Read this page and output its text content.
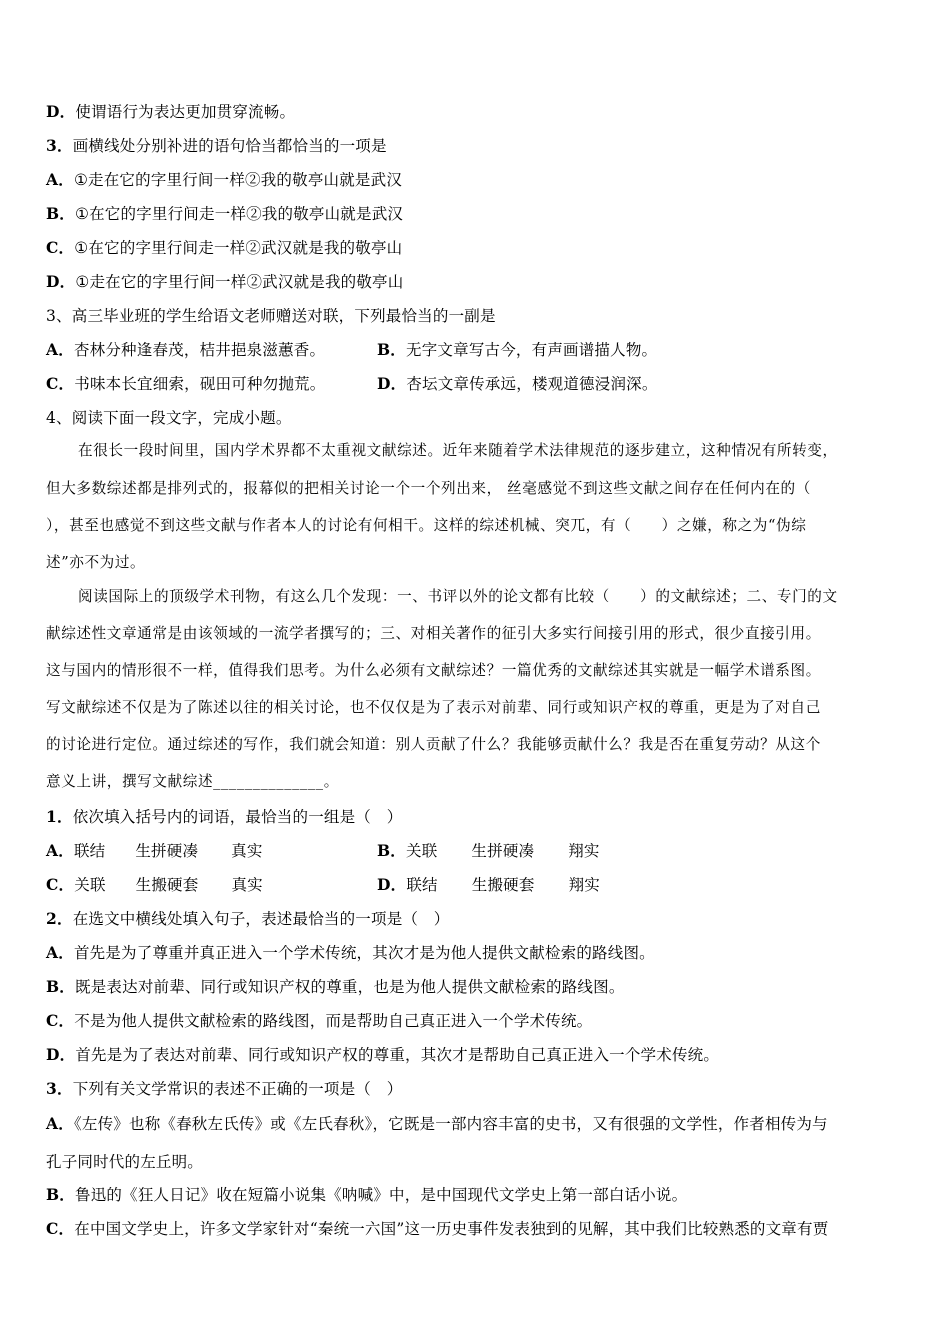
D．使谓语行为表达更加贯穿流畅。
3．画横线处分别补进的语句恰当都恰当的一项是
A．①走在它的字里行间一样②我的敬亭山就是武汉
B．①在它的字里行间走一样②我的敬亭山就是武汉
C．①在它的字里行间走一样②武汉就是我的敬亭山
D．①走在它的字里行间一样②武汉就是我的敬亭山
3、高三毕业班的学生给语文老师赠送对联，下列最恰当的一副是
A．杏林分种逢春茂，桔井挹泉滋蕙香。	B．无字文章写古今，有声画谱描人物。
C．书味本长宜细索，砚田可种勿抛荒。	D．杏坛文章传承远，楼观道德浸润深。
4、阅读下面一段文字，完成小题。
在很长一段时间里，国内学术界都不太重视文献综述。近年来随着学术法律规范的逐步建立，这种情况有所转变，
但大多数综述都是排列式的，报幕似的把相关讨论一个一个列出来， 丝毫感觉不到这些文献之间存在任何内在的（
），甚至也感觉不到这些文献与作者本人的讨论有何相干。这样的综述机械、突兀，有（　　）之嫌，称之为“伪综
述”亦不为过。
阅读国际上的顶级学术刊物，有这么几个发现：一、书评以外的论文都有比较（　　）的文献综述；二、专门的文
献综述性文章通常是由该领域的一流学者撰写的；三、对相关著作的征引大多实行间接引用的形式，很少直接引用。
这与国内的情形很不一样，值得我们思考。为什么必须有文献综述？一篇优秀的文献综述其实就是一幅学术谱系图。
写文献综述不仅是为了陈述以往的相关讨论，也不仅仅是为了表示对前辈、同行或知识产权的尊重，更是为了对自己
的讨论进行定位。通过综述的写作，我们就会知道：别人贡献了什么？我能够贡献什么？我是否在重复劳动？从这个
意义上讲，撰写文献综述______________。
1．依次填入括号内的词语，最恰当的一组是（　）
A．联结 生拼硬凑 真实	B．关联 生拼硬凑 翔实
C．关联 生搬硬套 真实	D．联结 生搬硬套 翔实
2．在选文中横线处填入句子，表述最恰当的一项是（　）
A．首先是为了尊重并真正进入一个学术传统，其次才是为他人提供文献检索的路线图。
B．既是表达对前辈、同行或知识产权的尊重，也是为他人提供文献检索的路线图。
C．不是为他人提供文献检索的路线图，而是帮助自己真正进入一个学术传统。
D．首先是为了表达对前辈、同行或知识产权的尊重，其次才是帮助自己真正进入一个学术传统。
3．下列有关文学常识的表述不正确的一项是（　）
A．《左传》也称《春秋左氏传》或《左氏春秋》，它既是一部内容丰富的史书，又有很强的文学性，作者相传为与
孔子同时代的左丘明。
B．鲁迅的《狂人日记》收在短篇小说集《呐喊》中，是中国现代文学史上第一部白话小说。
C．在中国文学史上，许多文学家针对“秦统一六国”这一历史事件发表独到的见解，其中我们比较熟悉的文章有贾
